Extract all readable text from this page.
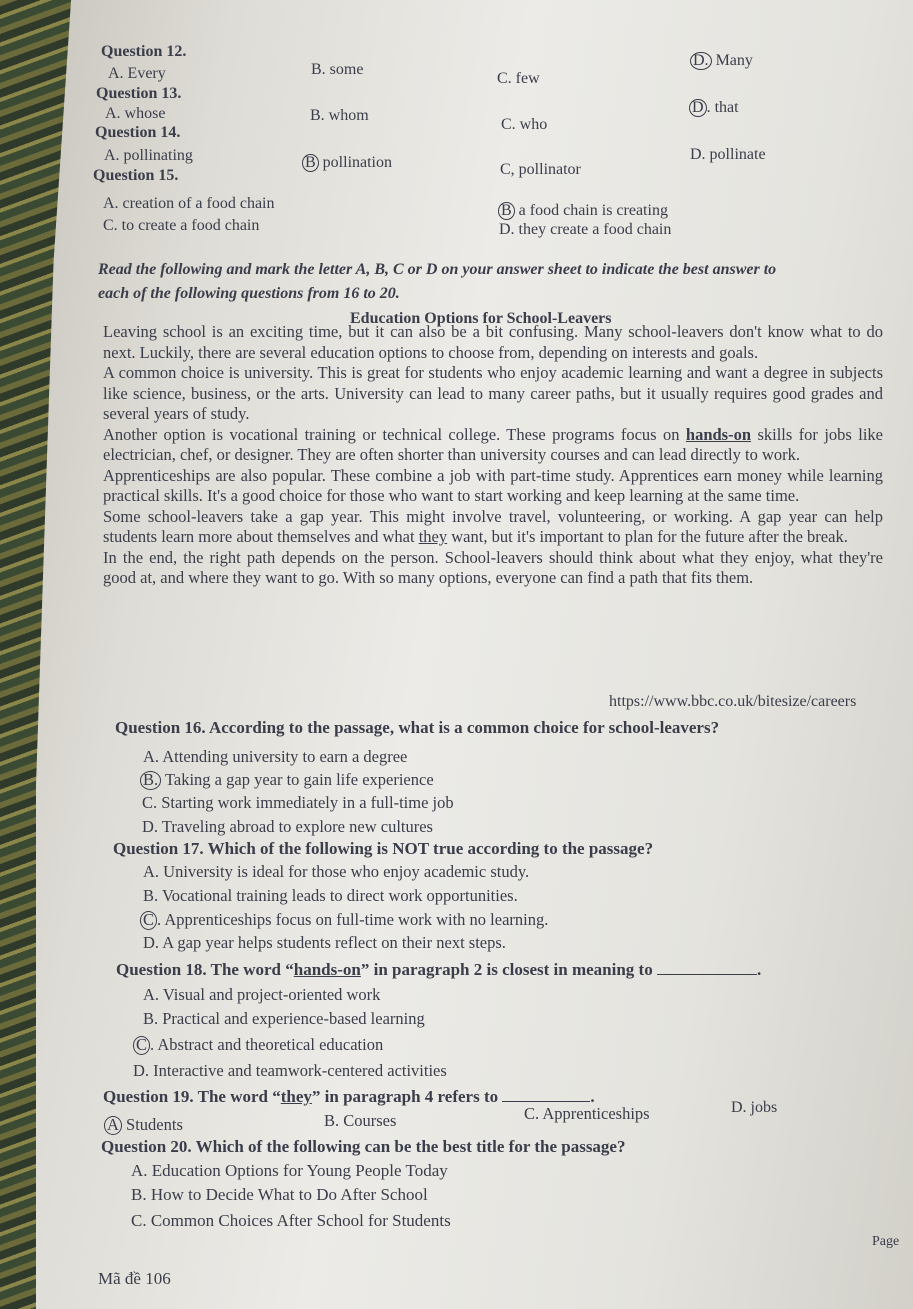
Question 12.
A. Every	B. some
C. few
D. Many
Question 13.
A. whose	B. whom
C. who
D . that
Question 14.
A. pollinating	B pollination	C, pollinator
D. pollinate
Question 15.
A. creation of a food chain	B a food chain is creating
C. to create a food chain	D. they create a food chain
Read the following and mark the letter A, B, C or D on your answer sheet to indicate the best answer to
each of the following questions from 16 to 20.
Education Options for School-Leavers

Leaving school is an exciting time, but it can also be a bit confusing. Many school-leavers don't know what to do next. Luckily, there are several education options to choose from, depending on interests and goals.

A common choice is university. This is great for students who enjoy academic learning and want a degree in subjects like science, business, or the arts. University can lead to many career paths, but it usually requires good grades and several years of study.

Another option is vocational training or technical college. These programs focus on hands-on skills for jobs like electrician, chef, or designer. They are often shorter than university courses and can lead directly to work.

Apprenticeships are also popular. These combine a job with part-time study. Apprentices earn money while learning practical skills. It's a good choice for those who want to start working and keep learning at the same time.

Some school-leavers take a gap year. This might involve travel, volunteering, or working. A gap year can help students learn more about themselves and what they want, but it's important to plan for the future after the break.

In the end, the right path depends on the person. School-leavers should think about what they enjoy, what they're good at, and where they want to go. With so many options, everyone can find a path that fits them.

https://www.bbc.co.uk/bitesize/careers
Question 16. According to the passage, what is a common choice for school-leavers?
A. Attending university to earn a degree
B. Taking a gap year to gain life experience
C. Starting work immediately in a full-time job
D. Traveling abroad to explore new cultures
Question 17. Which of the following is NOT true according to the passage?
A. University is ideal for those who enjoy academic study.
B. Vocational training leads to direct work opportunities.
C . Apprenticeships focus on full-time work with no learning.
D. A gap year helps students reflect on their next steps.
Question 18. The word “hands-on” in paragraph 2 is closest in meaning to	.
A. Visual and project-oriented work
B. Practical and experience-based learning
C . Abstract and theoretical education
D. Interactive and teamwork-centered activities
Question 19. The word “they” in paragraph 4 refers to	.
A Students	B. Courses	C. Apprenticeships	D. jobs
Question 20. Which of the following can be the best title for the passage?
A. Education Options for Young People Today
B. How to Decide What to Do After School
C. Common Choices After School for Students
Mã đề 106
Page
